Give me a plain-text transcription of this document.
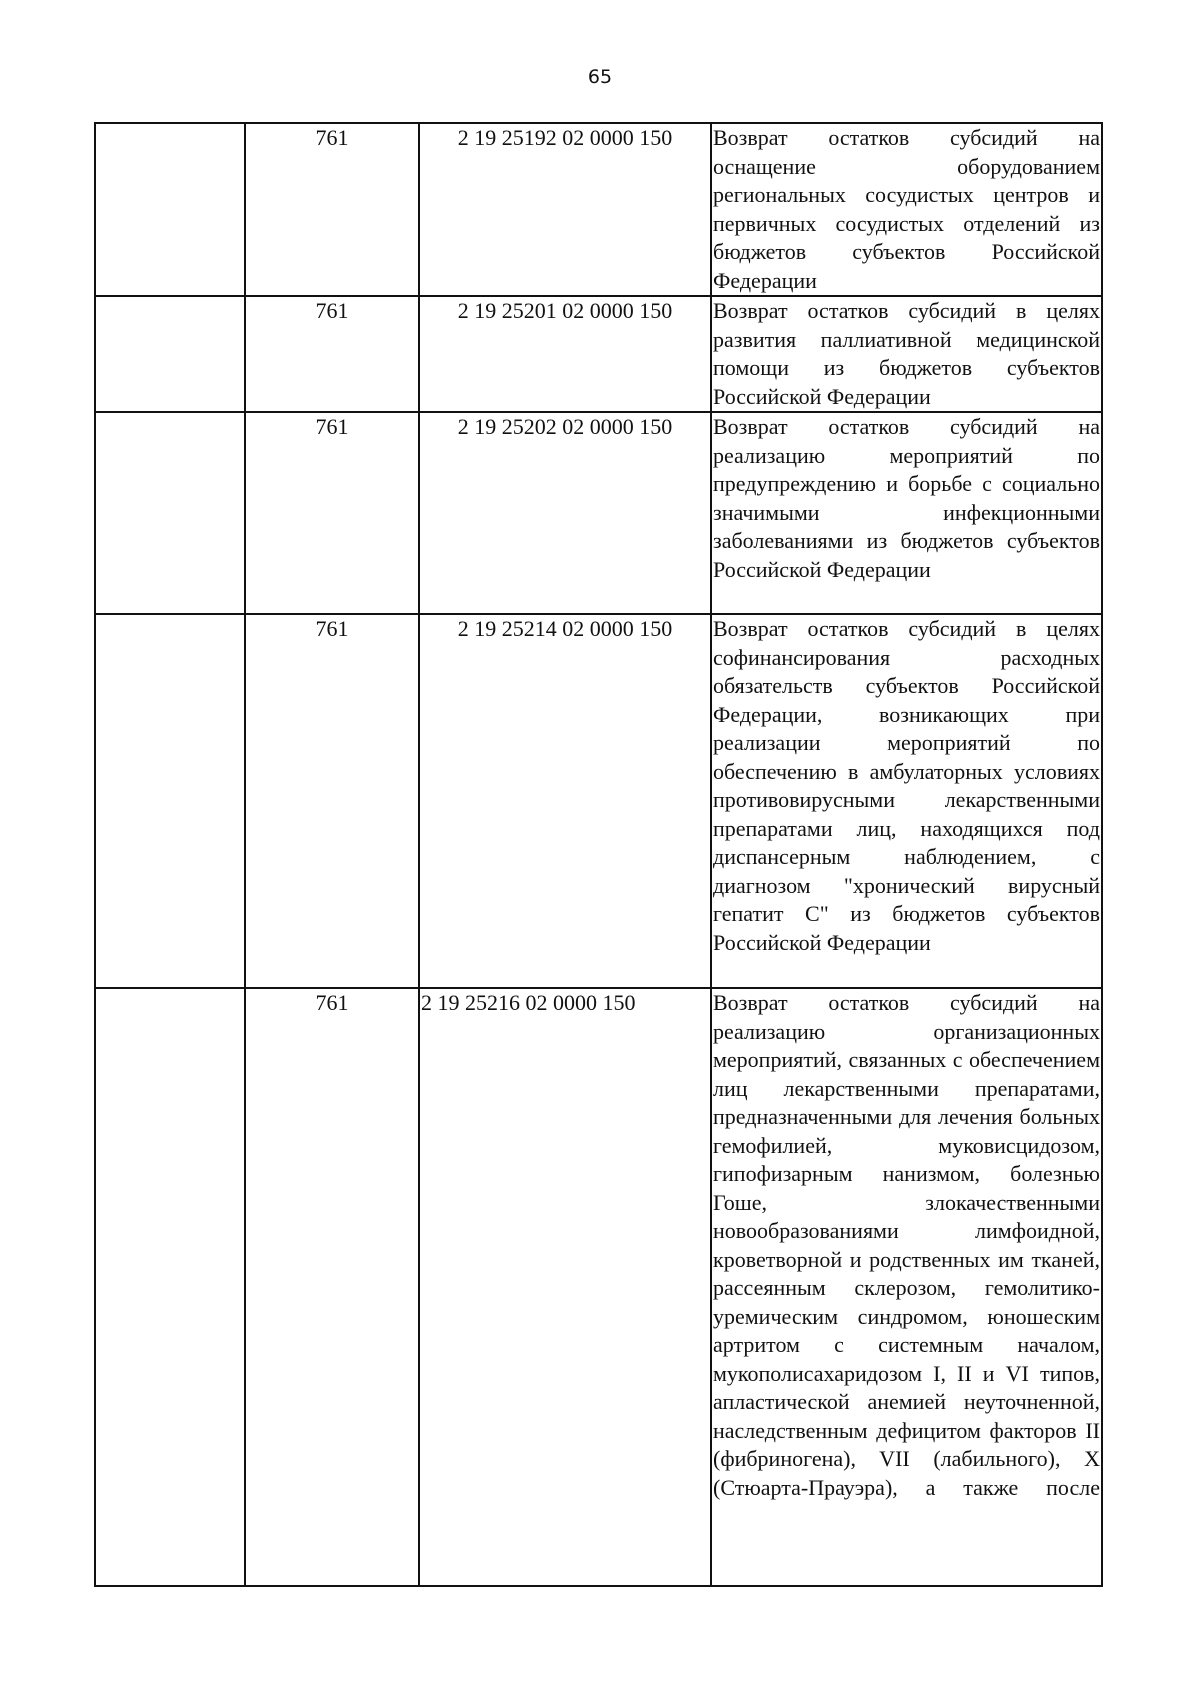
65
	761	2 19 25192 02 0000 150	Возврат остатков субсидий на оснащение оборудованием региональных сосудистых центров и первичных сосудистых отделений из бюджетов субъектов Российской Федерации
	761	2 19 25201 02 0000 150	Возврат остатков субсидий в целях развития паллиативной медицинской помощи из бюджетов субъектов Российской Федерации
	761	2 19 25202 02 0000 150	Возврат остатков субсидий на реализацию мероприятий по предупреждению и борьбе с социально значимыми инфекционными заболеваниями из бюджетов субъектов Российской Федерации
	761	2 19 25214 02 0000 150	Возврат остатков субсидий в целях софинансирования расходных обязательств субъектов Российской Федерации, возникающих при реализации мероприятий по обеспечению в амбулаторных условиях противовирусными лекарственными препаратами лиц, находящихся под диспансерным наблюдением, с диагнозом "хронический вирусный гепатит С" из бюджетов субъектов Российской Федерации
	761	2 19 25216 02 0000 150	Возврат остатков субсидий на реализацию организационных мероприятий, связанных с обеспечением лиц лекарственными препаратами, предназначенными для лечения больных гемофилией, муковисцидозом, гипофизарным нанизмом, болезнью Гоше, злокачественными новообразованиями лимфоидной, кроветворной и родственных им тканей, рассеянным склерозом, гемолитико-уремическим синдромом, юношеским артритом с системным началом, мукополисахаридозом I, II и VI типов, апластической анемией неуточненной, наследственным дефицитом факторов II (фибриногена), VII (лабильного), X (Стюарта-Прауэра), а также после
